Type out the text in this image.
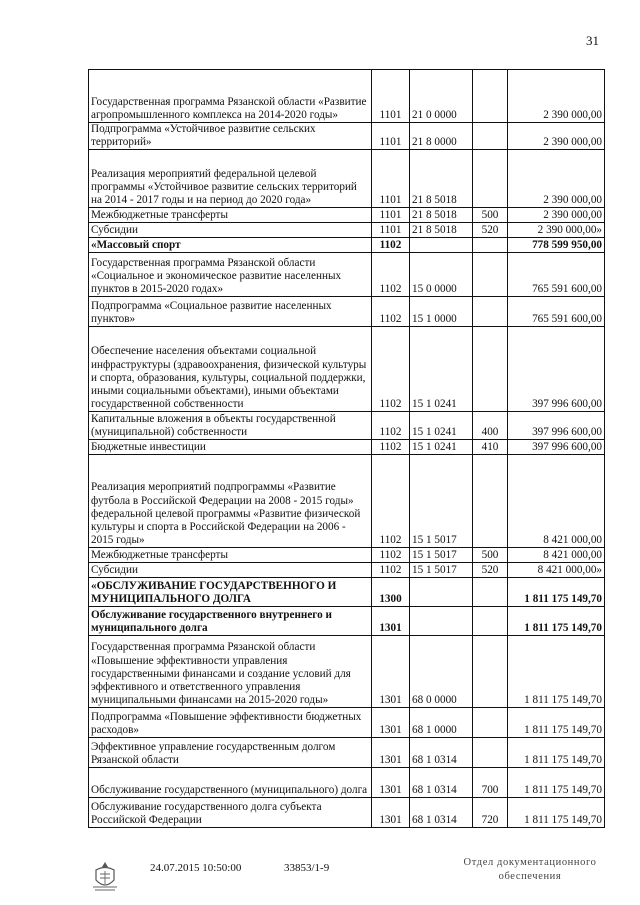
31
Государственная программа Рязанской области «Развитие агропромышленного комплекса на 2014-2020 годы»	1101	21 0 0000		2 390 000,00
Подпрограмма «Устойчивое развитие сельских территорий»	1101	21 8 0000		2 390 000,00
Реализация мероприятий федеральной целевой программы «Устойчивое развитие сельских территорий на 2014 - 2017 годы и на период до 2020 года»	1101	21 8 5018		2 390 000,00
Межбюджетные трансферты	1101	21 8 5018	500	2 390 000,00
Субсидии	1101	21 8 5018	520	2 390 000,00»
«Массовый спорт	1102			778 599 950,00
Государственная программа Рязанской области «Социальное и экономическое развитие населенных пунктов в 2015-2020 годах»	1102	15 0 0000		765 591 600,00
Подпрограмма «Социальное развитие населенных пунктов»	1102	15 1 0000		765 591 600,00
Обеспечение населения объектами социальной инфраструктуры (здравоохранения, физической культуры и спорта, образования, культуры, социальной поддержки, иными социальными объектами), иными объектами государственной собственности	1102	15 1 0241		397 996 600,00
Капитальные вложения в объекты государственной (муниципальной) собственности	1102	15 1 0241	400	397 996 600,00
Бюджетные инвестиции	1102	15 1 0241	410	397 996 600,00
Реализация мероприятий подпрограммы «Развитие футбола в Российской Федерации на 2008 - 2015 годы» федеральной целевой программы «Развитие физической культуры и спорта в Российской Федерации на 2006 - 2015 годы»	1102	15 1 5017		8 421 000,00
Межбюджетные трансферты	1102	15 1 5017	500	8 421 000,00
Субсидии	1102	15 1 5017	520	8 421 000,00»
«ОБСЛУЖИВАНИЕ ГОСУДАРСТВЕННОГО И МУНИЦИПАЛЬНОГО ДОЛГА	1300			1 811 175 149,70
Обслуживание государственного внутреннего и муниципального долга	1301			1 811 175 149,70
Государственная программа Рязанской области «Повышение эффективности управления государственными финансами и создание условий для эффективного и ответственного управления муниципальными финансами на 2015-2020 годы»	1301	68 0 0000		1 811 175 149,70
Подпрограмма «Повышение эффективности бюджетных расходов»	1301	68 1 0000		1 811 175 149,70
Эффективное управление государственным долгом Рязанской области	1301	68 1 0314		1 811 175 149,70
Обслуживание государственного (муниципального) долга	1301	68 1 0314	700	1 811 175 149,70
Обслуживание государственного долга субъекта Российской Федерации	1301	68 1 0314	720	1 811 175 149,70
24.07.2015 10:50:00	33853/1-9	Отдел документационного
обеспечения
